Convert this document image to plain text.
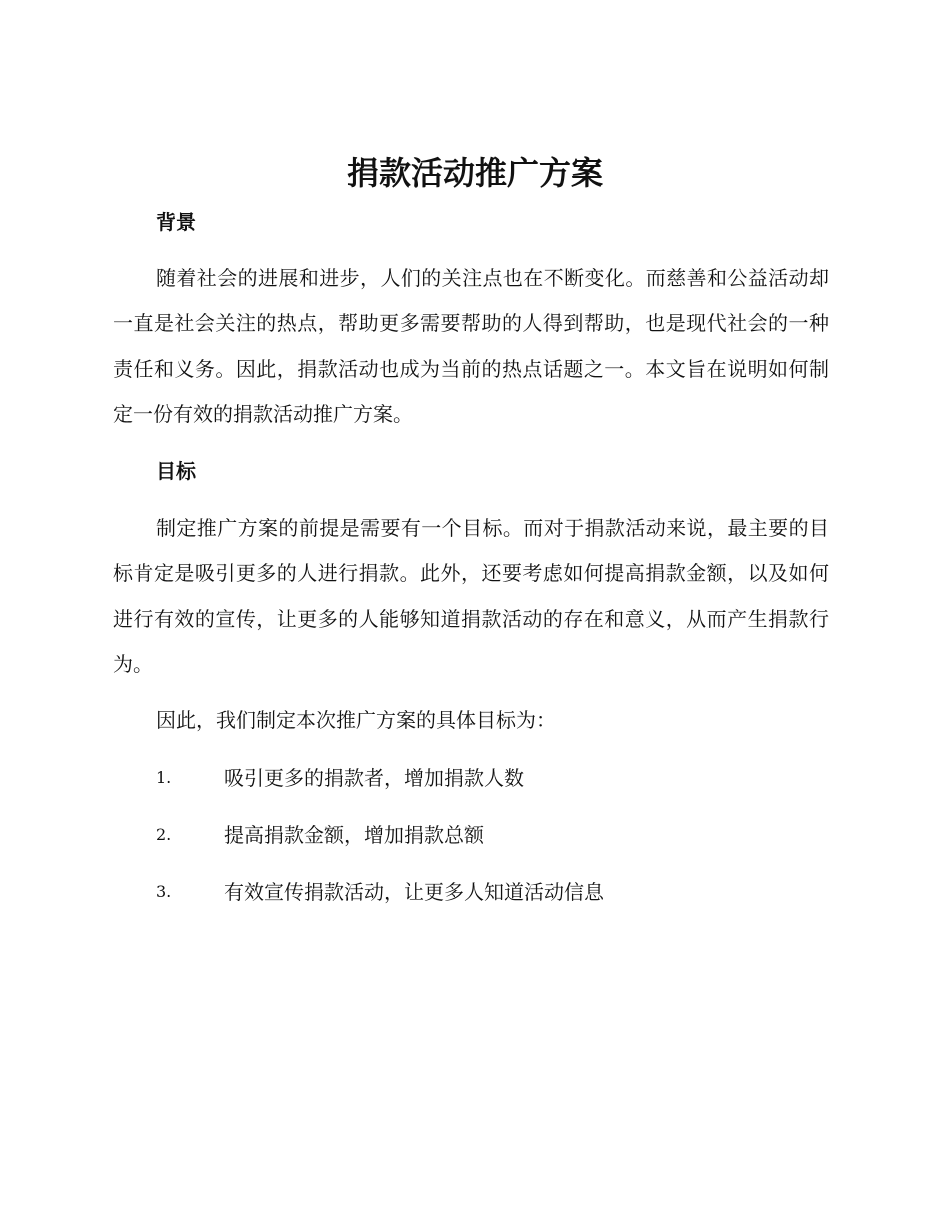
捐款活动推广方案
背景
随着社会的进展和进步，人们的关注点也在不断变化。而慈善和公益活动却一直是社会关注的热点，帮助更多需要帮助的人得到帮助，也是现代社会的一种责任和义务。因此，捐款活动也成为当前的热点话题之一。本文旨在说明如何制定一份有效的捐款活动推广方案。
目标
制定推广方案的前提是需要有一个目标。而对于捐款活动来说，最主要的目标肯定是吸引更多的人进行捐款。此外，还要考虑如何提高捐款金额，以及如何进行有效的宣传，让更多的人能够知道捐款活动的存在和意义，从而产生捐款行为。
因此，我们制定本次推广方案的具体目标为：
1.	吸引更多的捐款者，增加捐款人数
2.	提高捐款金额，增加捐款总额
3.	有效宣传捐款活动，让更多人知道活动信息
